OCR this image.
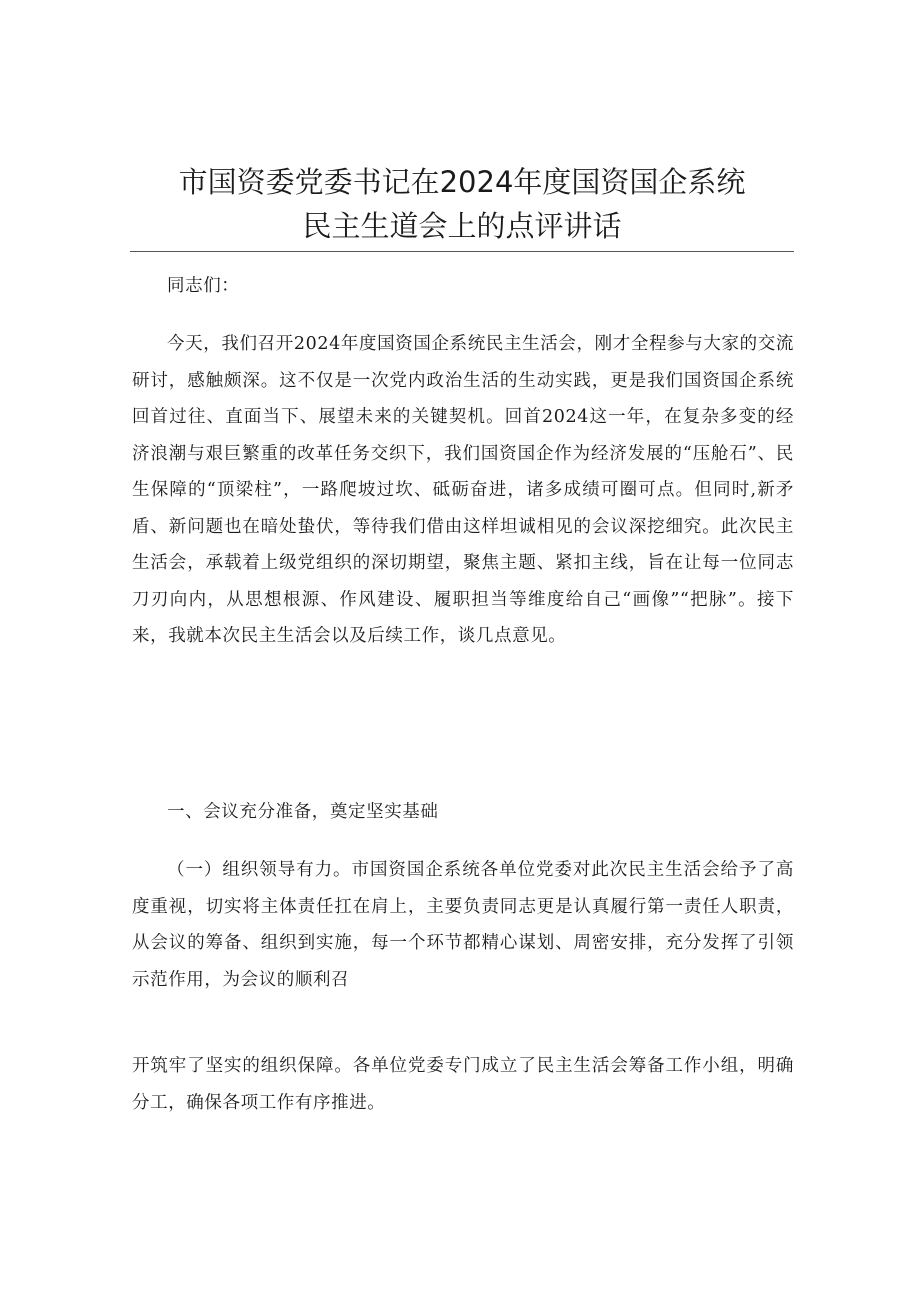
市国资委党委书记在2024年度国资国企系统
民主生道会上的点评讲话
同志们：
今天，我们召开2024年度国资国企系统民主生活会，刚才全程参与大家的交流研讨，感触颇深。这不仅是一次党内政治生活的生动实践，更是我们国资国企系统回首过往、直面当下、展望未来的关键契机。回首2024这一年，在复杂多变的经济浪潮与艰巨繁重的改革任务交织下，我们国资国企作为经济发展的“压舱石”、民生保障的“顶梁柱”，一路爬坡过坎、砥砺奋进，诸多成绩可圈可点。但同时,新矛盾、新问题也在暗处蛰伏，等待我们借由这样坦诚相见的会议深挖细究。此次民主生活会，承载着上级党组织的深切期望，聚焦主题、紧扣主线，旨在让每一位同志刀刃向内，从思想根源、作风建设、履职担当等维度给自己“画像”“把脉”。接下来，我就本次民主生活会以及后续工作，谈几点意见。
一、会议充分准备，奠定坚实基础
（一）组织领导有力。市国资国企系统各单位党委对此次民主生活会给予了高度重视，切实将主体责任扛在肩上，主要负责同志更是认真履行第一责任人职责，从会议的筹备、组织到实施，每一个环节都精心谋划、周密安排，充分发挥了引领示范作用，为会议的顺利召
开筑牢了坚实的组织保障。各单位党委专门成立了民主生活会筹备工作小组，明确分工，确保各项工作有序推进。
